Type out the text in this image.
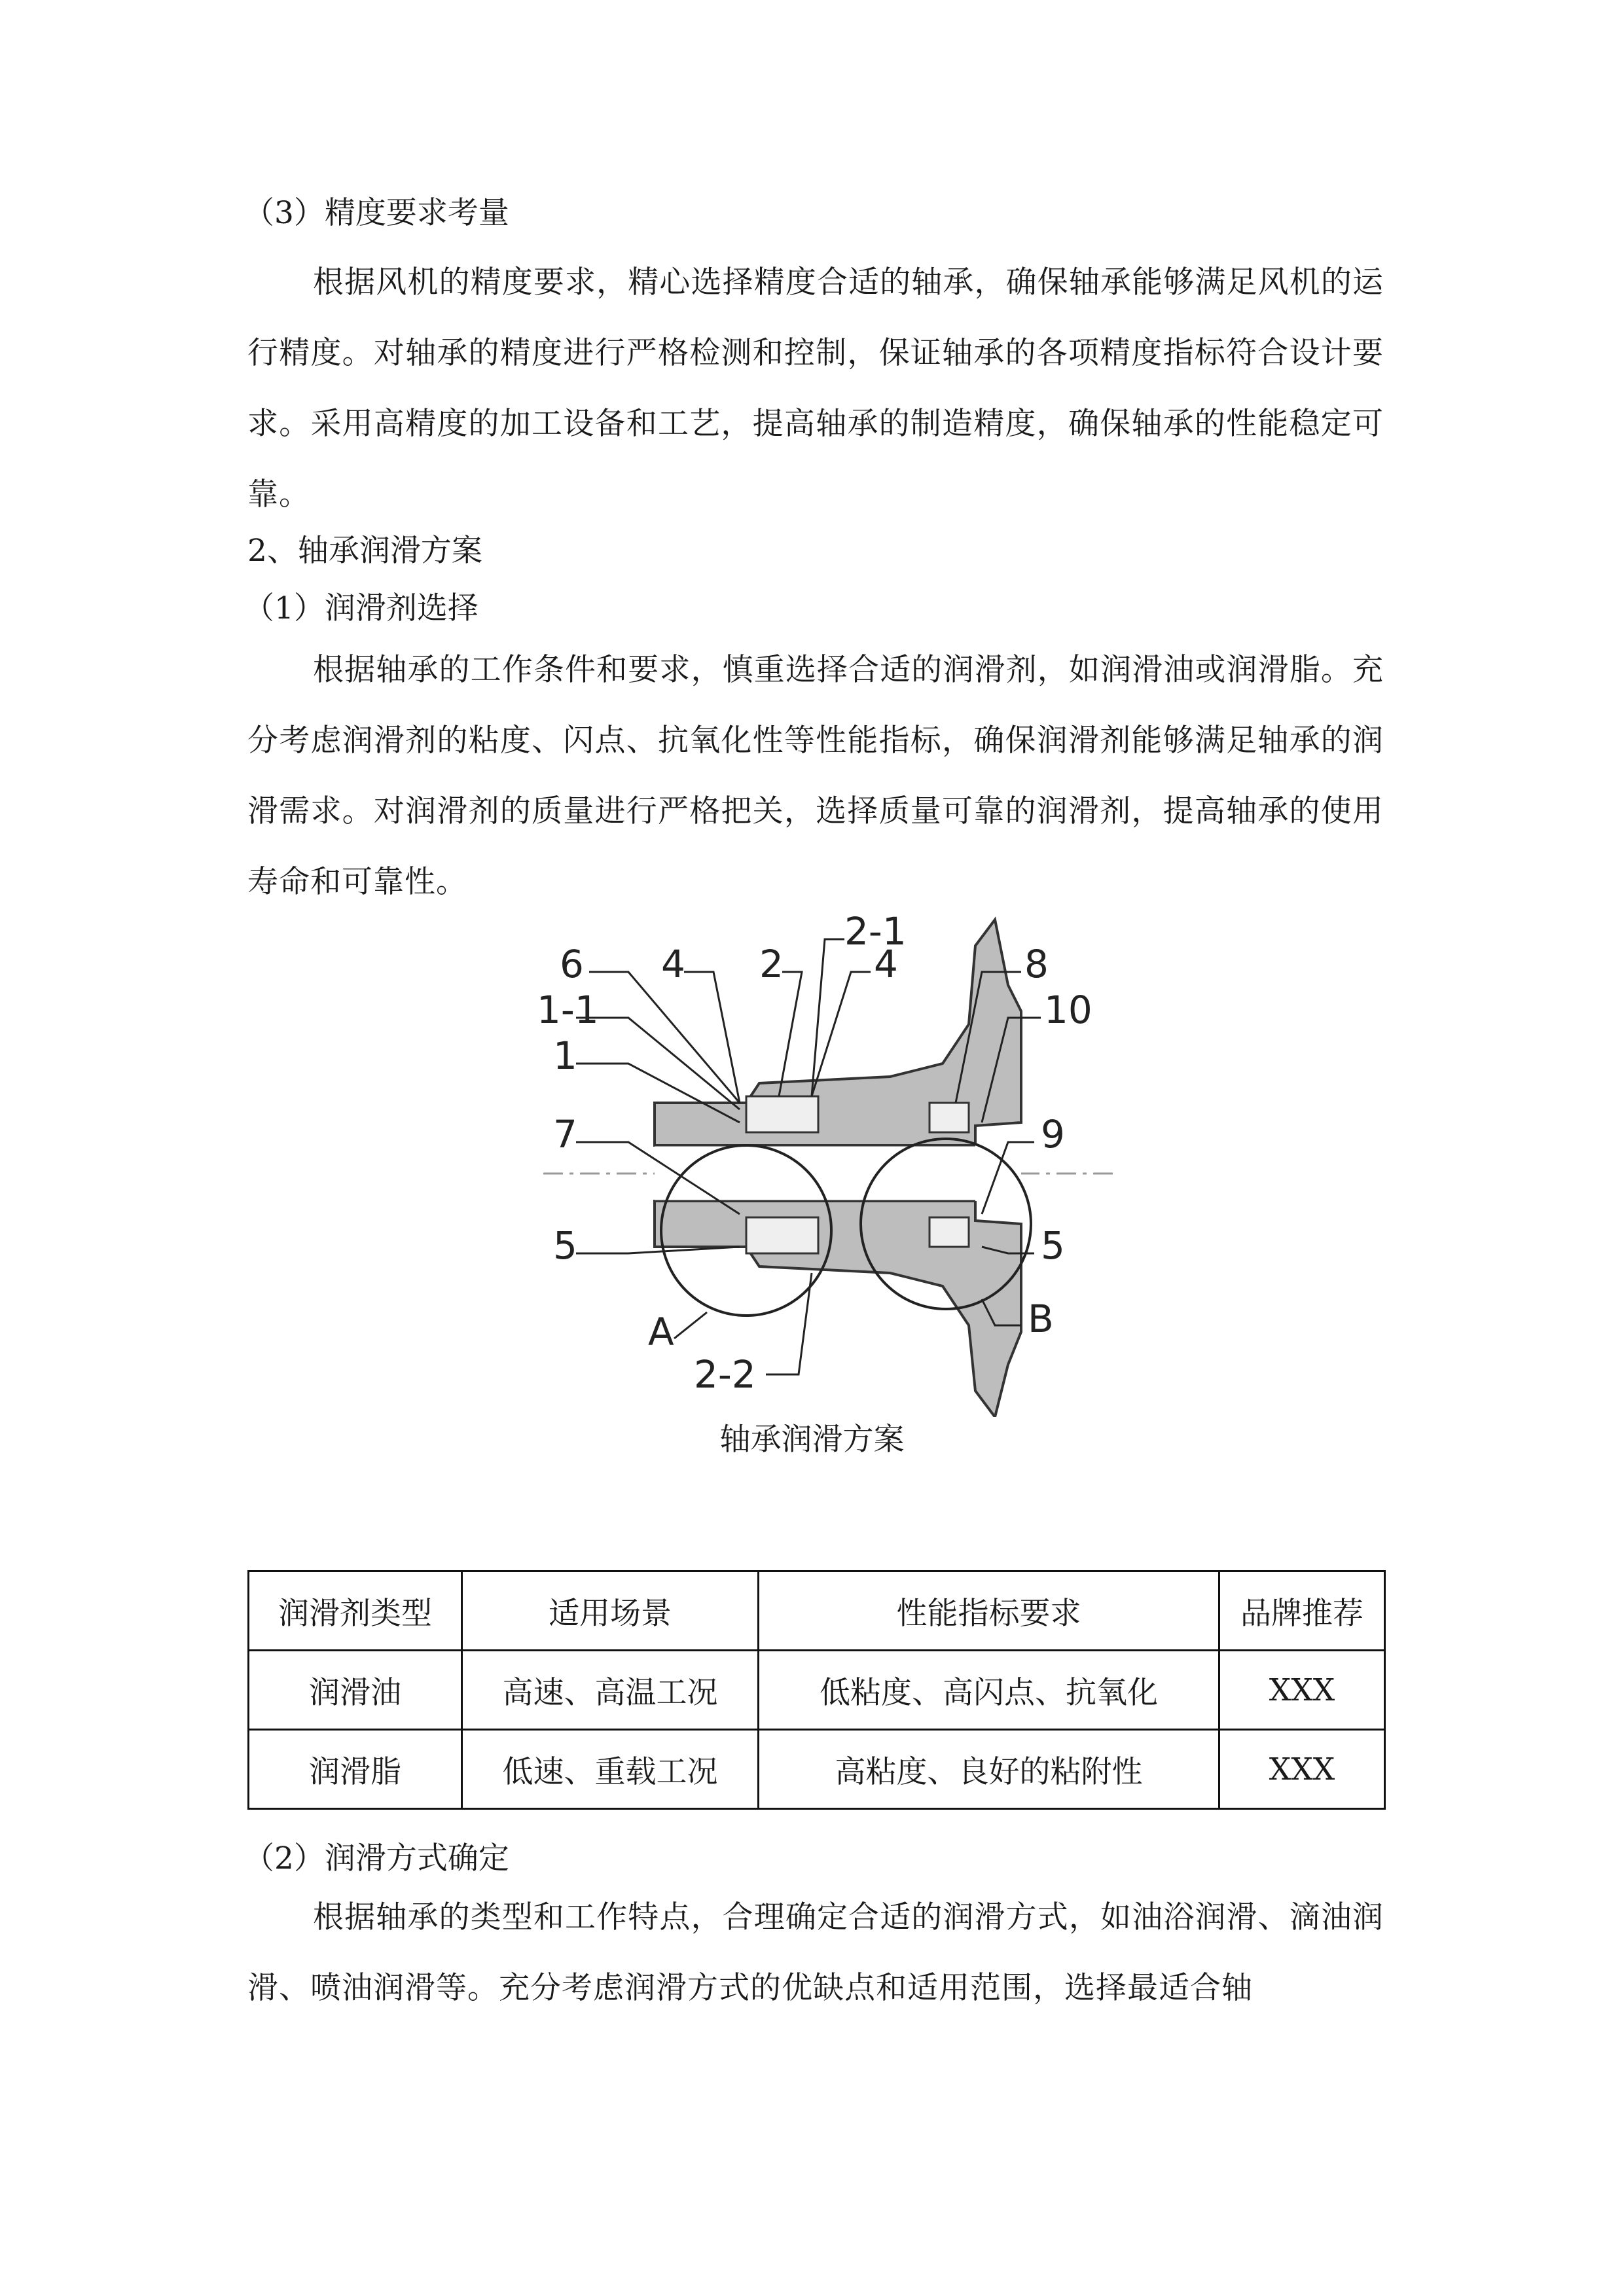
（3）精度要求考量
根据风机的精度要求，精心选择精度合适的轴承，确保轴承能够满足风机的运行精度。对轴承的精度进行严格检测和控制，保证轴承的各项精度指标符合设计要求。采用高精度的加工设备和工艺，提高轴承的制造精度，确保轴承的性能稳定可靠。
2、轴承润滑方案
（1）润滑剂选择
根据轴承的工作条件和要求，慎重选择合适的润滑剂，如润滑油或润滑脂。充分考虑润滑剂的粘度、闪点、抗氧化性等性能指标，确保润滑剂能够满足轴承的润滑需求。对润滑剂的质量进行严格把关，选择质量可靠的润滑剂，提高轴承的使用寿命和可靠性。
6 4 2
2-1
4	8
1-1
1
10
7	9
5	5
A
2-2
B
轴承润滑方案
润滑剂类型	适用场景	性能指标要求	品牌推荐
润滑油	高速、高温工况	低粘度、高闪点、抗氧化	XXX
润滑脂	低速、重载工况	高粘度、良好的粘附性	XXX
（2）润滑方式确定
根据轴承的类型和工作特点，合理确定合适的润滑方式，如油浴润滑、滴油润滑、喷油润滑等。充分考虑润滑方式的优缺点和适用范围，选择最适合轴
